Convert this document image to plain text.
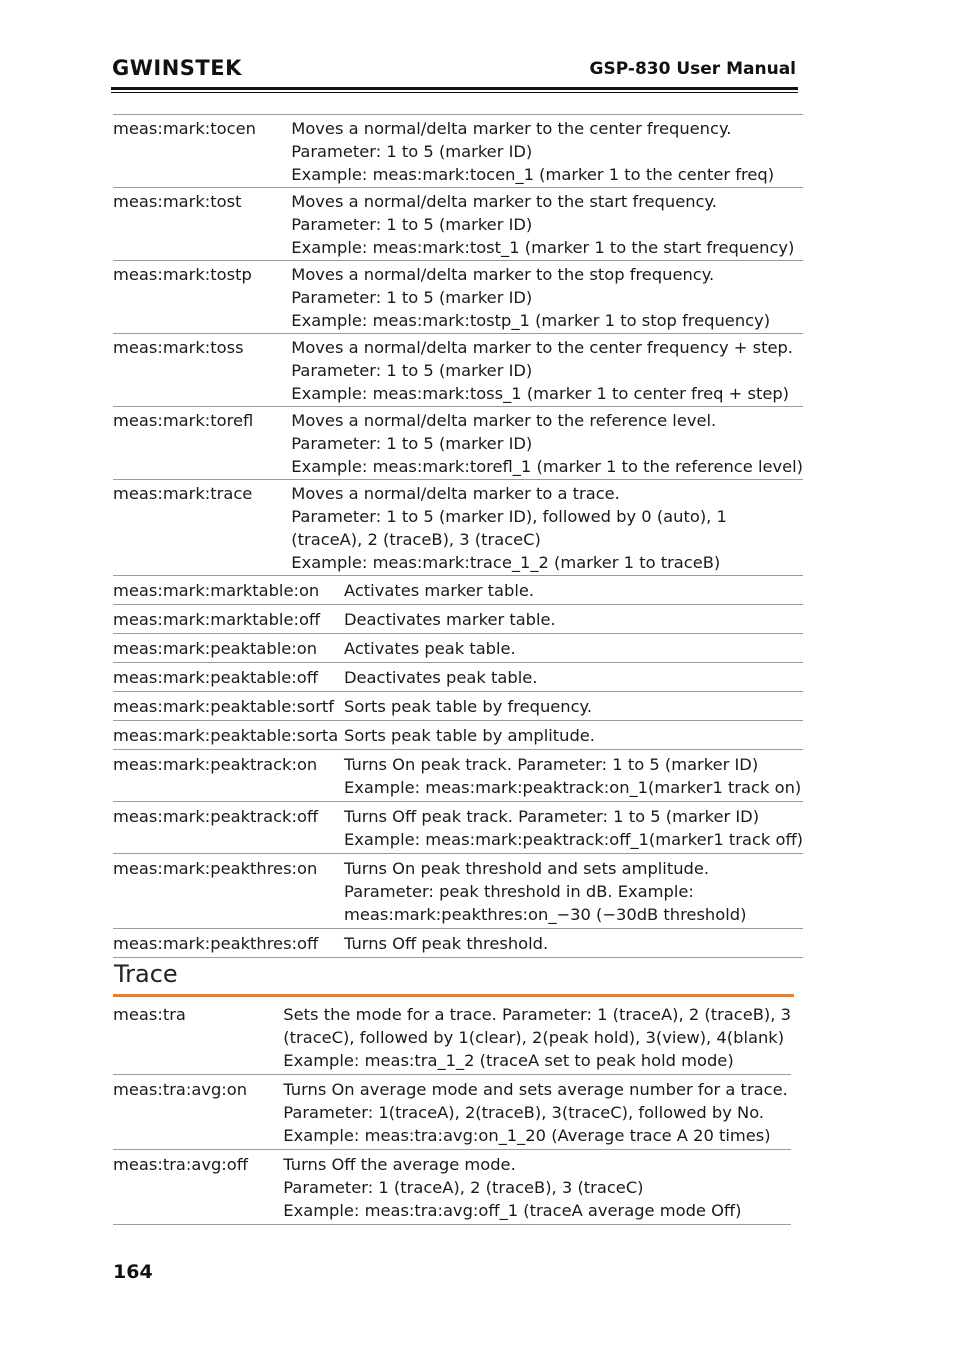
GWINSTEK	GSP-830 User Manual
meas:mark:tocen	Moves a normal/delta marker to the center frequency.
Parameter: 1 to 5 (marker ID)
Example: meas:mark:tocen_1 (marker 1 to the center freq)

meas:mark:tost	Moves a normal/delta marker to the start frequency.
Parameter: 1 to 5 (marker ID)
Example: meas:mark:tost_1 (marker 1 to the start frequency)

meas:mark:tostp	Moves a normal/delta marker to the stop frequency.
Parameter: 1 to 5 (marker ID)
Example: meas:mark:tostp_1 (marker 1 to stop frequency)

meas:mark:toss	Moves a normal/delta marker to the center frequency + step.
Parameter: 1 to 5 (marker ID)
Example: meas:mark:toss_1 (marker 1 to center freq + step)

meas:mark:torefl	Moves a normal/delta marker to the reference level.
Parameter: 1 to 5 (marker ID)
Example: meas:mark:torefl_1 (marker 1 to the reference level)

meas:mark:trace	Moves a normal/delta marker to a trace.
Parameter: 1 to 5 (marker ID), followed by 0 (auto), 1
(traceA), 2 (traceB), 3 (traceC)
Example: meas:mark:trace_1_2 (marker 1 to traceB)

meas:mark:marktable:on Activates marker table.	

meas:mark:marktable:off Deactivates marker table.	

meas:mark:peaktable:on Activates peak table.	

meas:mark:peaktable:off Deactivates peak table.	

meas:mark:peaktable:sortf Sorts peak table by frequency.	

meas:mark:peaktable:sorta Sorts peak table by amplitude.	

meas:mark:peaktrack:on Turns On peak track. Parameter: 1 to 5 (marker ID)
Example: meas:mark:peaktrack:on_1(marker1 track on)	

meas:mark:peaktrack:off Turns Off peak track. Parameter: 1 to 5 (marker ID)
Example: meas:mark:peaktrack:off_1(marker1 track off)	

meas:mark:peakthres:on Turns On peak threshold and sets amplitude.
Parameter: peak threshold in dB. Example:
meas:mark:peakthres:on_−30 (−30dB threshold)	

meas:mark:peakthres:off Turns Off peak threshold.	
Trace
meas:tra	Sets the mode for a trace. Parameter: 1 (traceA), 2 (traceB), 3
(traceC), followed by 1(clear), 2(peak hold), 3(view), 4(blank)
Example: meas:tra_1_2 (traceA set to peak hold mode)

meas:tra:avg:on	Turns On average mode and sets average number for a trace.
Parameter: 1(traceA), 2(traceB), 3(traceC), followed by No.
Example: meas:tra:avg:on_1_20 (Average trace A 20 times)

meas:tra:avg:off	Turns Off the average mode.
Parameter: 1 (traceA), 2 (traceB), 3 (traceC)
Example: meas:tra:avg:off_1 (traceA average mode Off)
164
